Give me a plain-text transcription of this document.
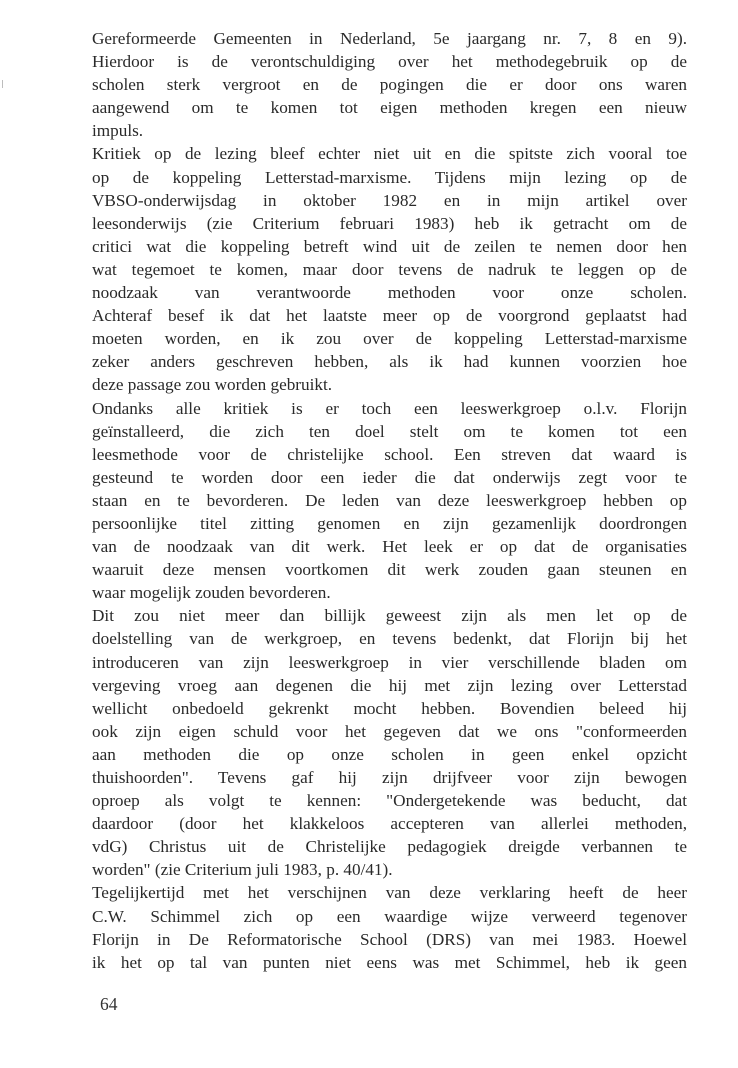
Gereformeerde Gemeenten in Nederland, 5e jaargang nr. 7, 8 en 9).
Hierdoor is de verontschuldiging over het methodegebruik op de
scholen sterk vergroot en de pogingen die er door ons waren
aangewend om te komen tot eigen methoden kregen een nieuw
impuls.
Kritiek op de lezing bleef echter niet uit en die spitste zich vooral toe
op de koppeling Letterstad-marxisme. Tijdens mijn lezing op de
VBSO-onderwijsdag in oktober 1982 en in mijn artikel over
leesonderwijs (zie Criterium februari 1983) heb ik getracht om de
critici wat die koppeling betreft wind uit de zeilen te nemen door hen
wat tegemoet te komen, maar door tevens de nadruk te leggen op de
noodzaak van verantwoorde methoden voor onze scholen.
Achteraf besef ik dat het laatste meer op de voorgrond geplaatst had
moeten worden, en ik zou over de koppeling Letterstad-marxisme
zeker anders geschreven hebben, als ik had kunnen voorzien hoe
deze passage zou worden gebruikt.
Ondanks alle kritiek is er toch een leeswerkgroep o.l.v. Florijn
geïnstalleerd, die zich ten doel stelt om te komen tot een
leesmethode voor de christelijke school. Een streven dat waard is
gesteund te worden door een ieder die dat onderwijs zegt voor te
staan en te bevorderen. De leden van deze leeswerkgroep hebben op
persoonlijke titel zitting genomen en zijn gezamenlijk doordrongen
van de noodzaak van dit werk. Het leek er op dat de organisaties
waaruit deze mensen voortkomen dit werk zouden gaan steunen en
waar mogelijk zouden bevorderen.
Dit zou niet meer dan billijk geweest zijn als men let op de
doelstelling van de werkgroep, en tevens bedenkt, dat Florijn bij het
introduceren van zijn leeswerkgroep in vier verschillende bladen om
vergeving vroeg aan degenen die hij met zijn lezing over Letterstad
wellicht onbedoeld gekrenkt mocht hebben. Bovendien beleed hij
ook zijn eigen schuld voor het gegeven dat we ons "conformeerden
aan methoden die op onze scholen in geen enkel opzicht
thuishoorden". Tevens gaf hij zijn drijfveer voor zijn bewogen
oproep als volgt te kennen: "Ondergetekende was beducht, dat
daardoor (door het klakkeloos accepteren van allerlei methoden,
vdG) Christus uit de Christelijke pedagogiek dreigde verbannen te
worden" (zie Criterium juli 1983, p. 40/41).
Tegelijkertijd met het verschijnen van deze verklaring heeft de heer
C.W. Schimmel zich op een waardige wijze verweerd tegenover
Florijn in De Reformatorische School (DRS) van mei 1983. Hoewel
ik het op tal van punten niet eens was met Schimmel, heb ik geen
64
